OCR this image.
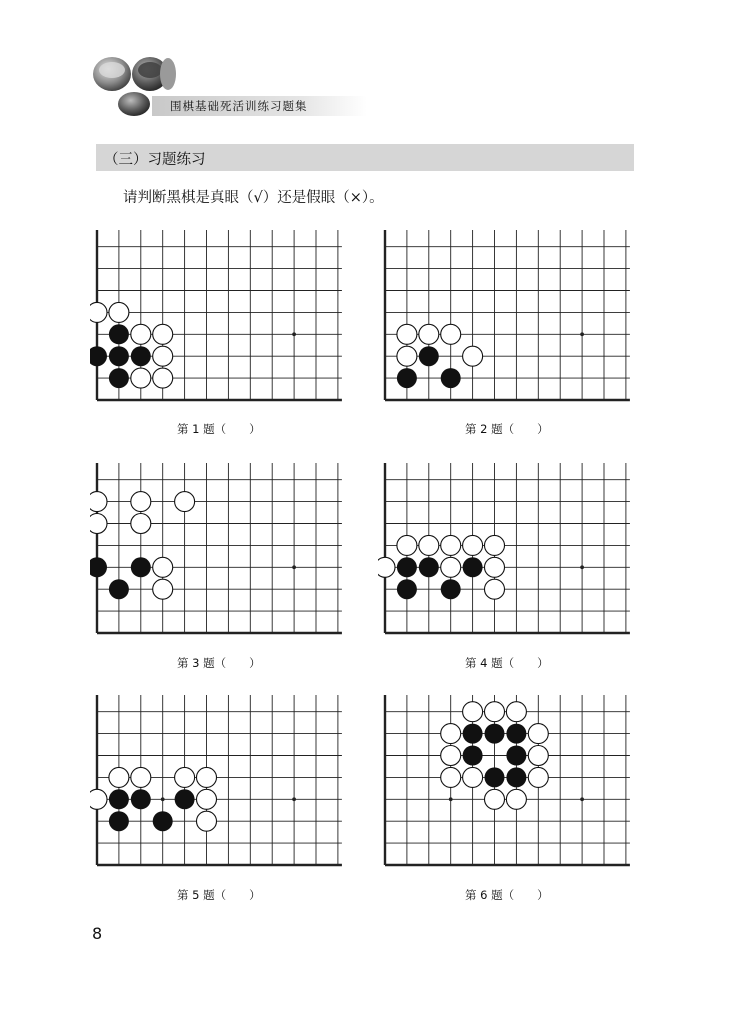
围棋基础死活训练习题集
（三）习题练习
请判断黑棋是真眼（√）还是假眼（×）。
第 1 题（　　）	第 2 题（　　）
第 3 题（　　）	第 4 题（　　）
第 5 题（　　）	第 6 题（　　）
8
